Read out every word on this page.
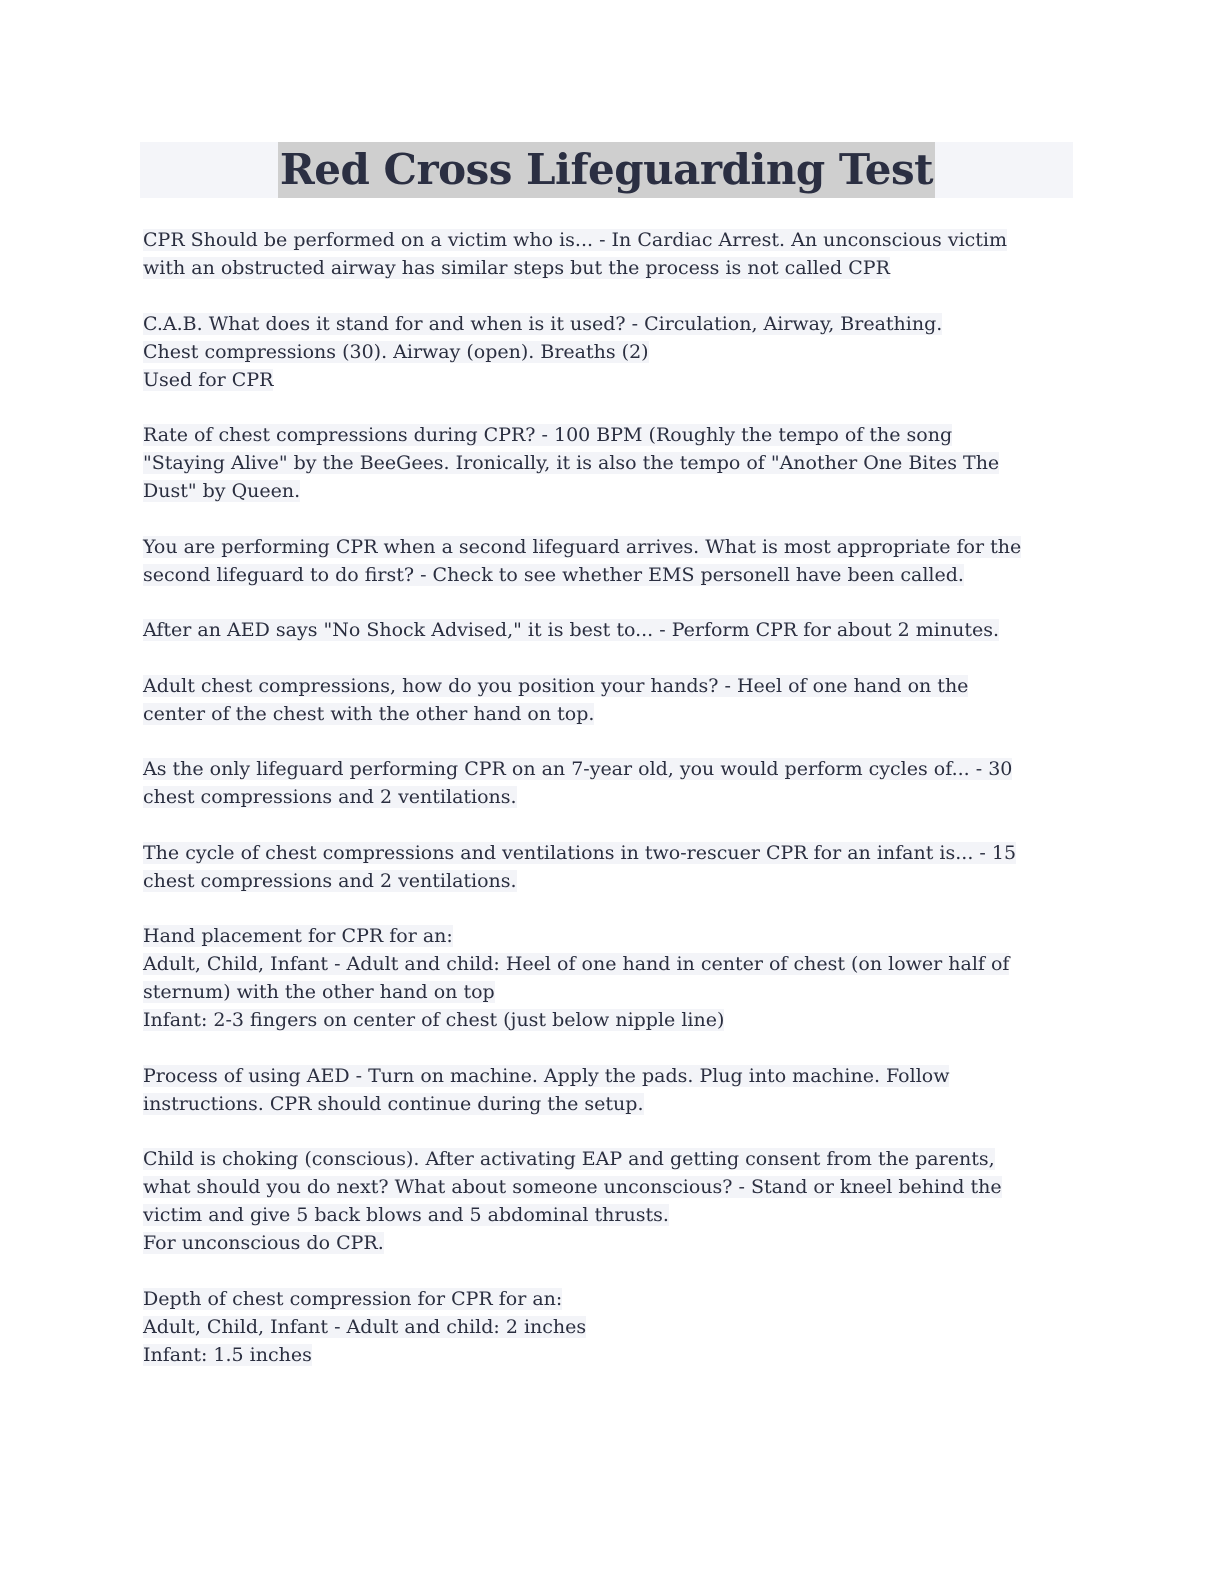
Red Cross Lifeguarding Test
CPR Should be performed on a victim who is... - In Cardiac Arrest. An unconscious victim
with an obstructed airway has similar steps but the process is not called CPR
C.A.B. What does it stand for and when is it used? - Circulation, Airway, Breathing.
Chest compressions (30). Airway (open). Breaths (2)
Used for CPR
Rate of chest compressions during CPR? - 100 BPM (Roughly the tempo of the song
"Staying Alive" by the BeeGees. Ironically, it is also the tempo of "Another One Bites The
Dust" by Queen.
You are performing CPR when a second lifeguard arrives. What is most appropriate for the
second lifeguard to do first? - Check to see whether EMS personell have been called.
After an AED says "No Shock Advised," it is best to... - Perform CPR for about 2 minutes.
Adult chest compressions, how do you position your hands? - Heel of one hand on the
center of the chest with the other hand on top.
As the only lifeguard performing CPR on an 7-year old, you would perform cycles of... - 30
chest compressions and 2 ventilations.
The cycle of chest compressions and ventilations in two-rescuer CPR for an infant is... - 15
chest compressions and 2 ventilations.
Hand placement for CPR for an:
Adult, Child, Infant - Adult and child: Heel of one hand in center of chest (on lower half of
sternum) with the other hand on top
Infant: 2-3 fingers on center of chest (just below nipple line)
Process of using AED - Turn on machine. Apply the pads. Plug into machine. Follow
instructions. CPR should continue during the setup.
Child is choking (conscious). After activating EAP and getting consent from the parents,
what should you do next? What about someone unconscious? - Stand or kneel behind the
victim and give 5 back blows and 5 abdominal thrusts.
For unconscious do CPR.
Depth of chest compression for CPR for an:
Adult, Child, Infant - Adult and child: 2 inches
Infant: 1.5 inches
